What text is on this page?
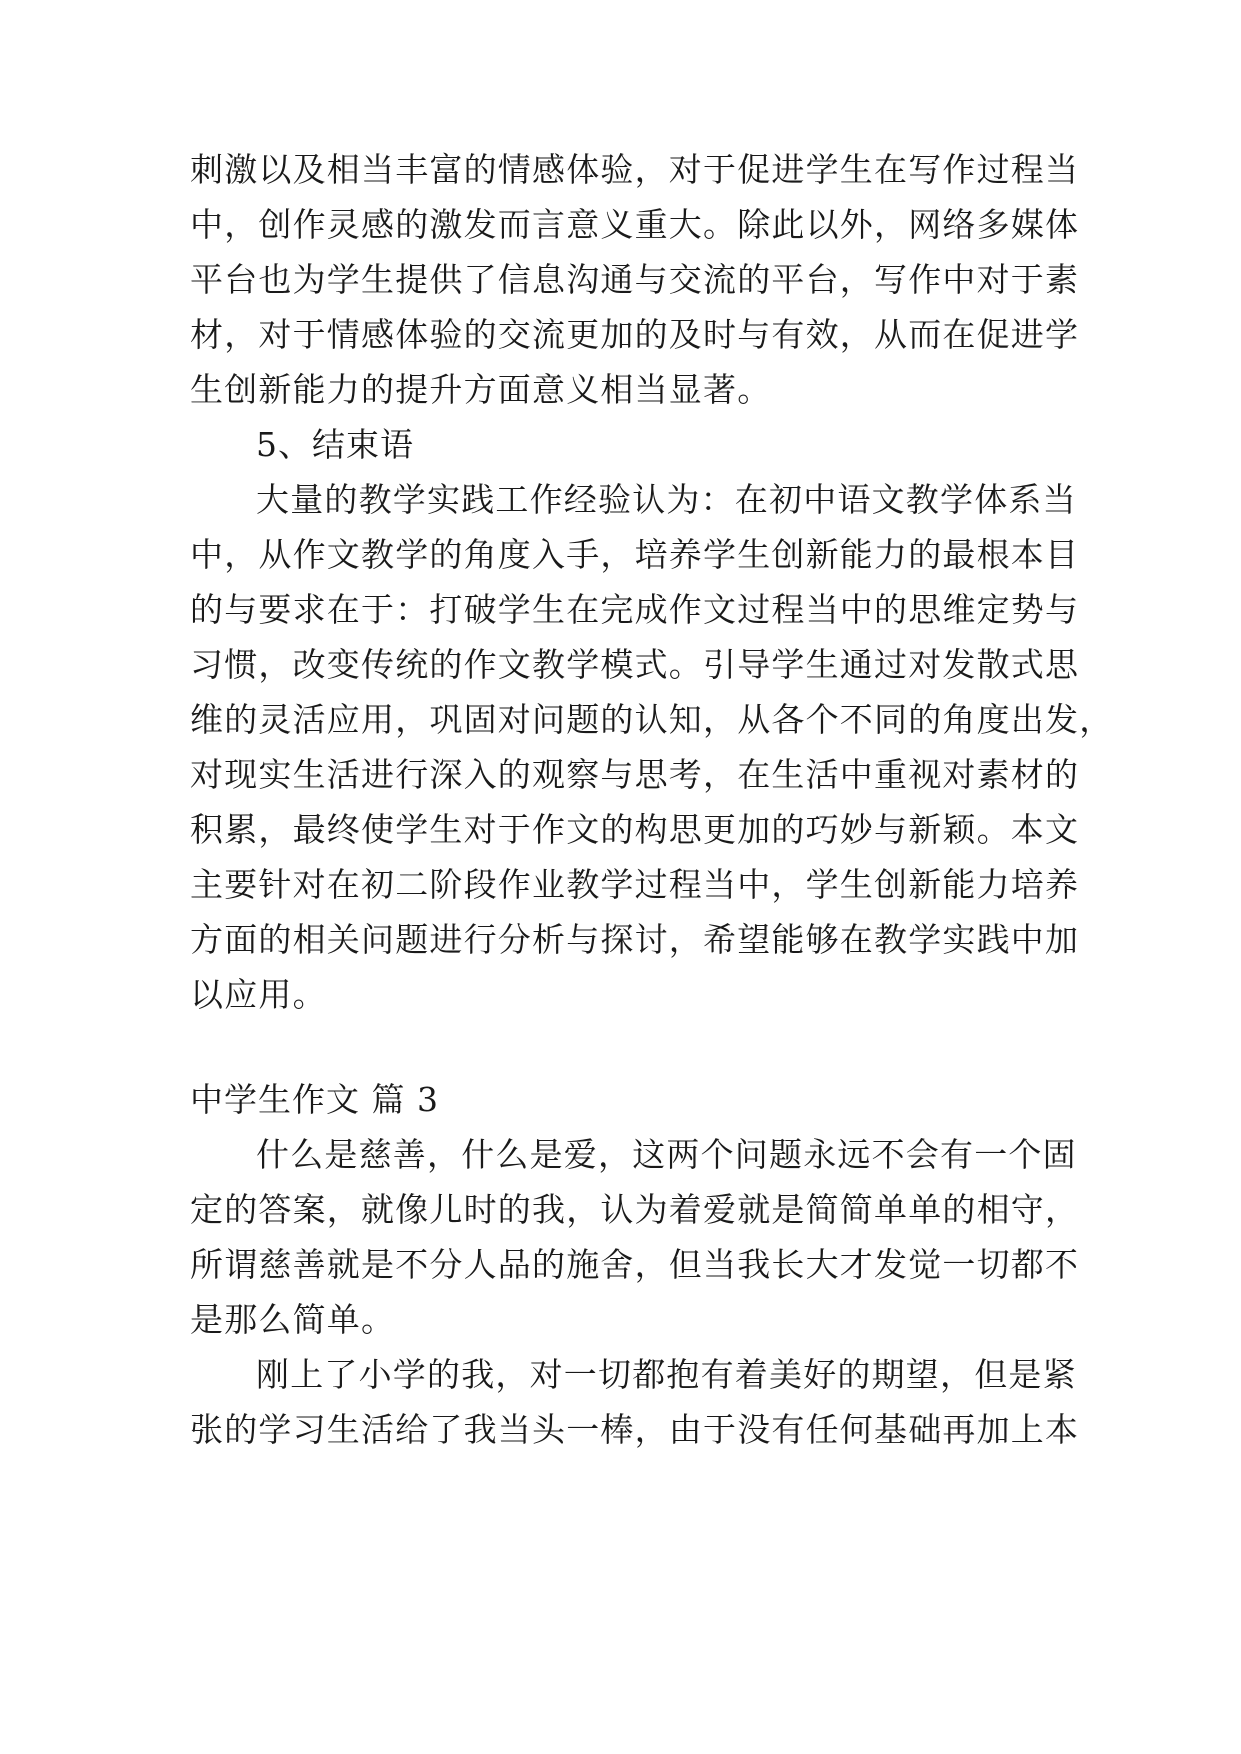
刺激以及相当丰富的情感体验，对于促进学生在写作过程当
中，创作灵感的激发而言意义重大。除此以外，网络多媒体
平台也为学生提供了信息沟通与交流的平台，写作中对于素
材，对于情感体验的交流更加的及时与有效，从而在促进学
生创新能力的提升方面意义相当显著。
5、结束语
大量的教学实践工作经验认为：在初中语文教学体系当
中，从作文教学的角度入手，培养学生创新能力的最根本目
的与要求在于：打破学生在完成作文过程当中的思维定势与
习惯，改变传统的作文教学模式。引导学生通过对发散式思
维的灵活应用，巩固对问题的认知，从各个不同的角度出发，
对现实生活进行深入的观察与思考，在生活中重视对素材的
积累，最终使学生对于作文的构思更加的巧妙与新颖。本文
主要针对在初二阶段作业教学过程当中，学生创新能力培养
方面的相关问题进行分析与探讨，希望能够在教学实践中加
以应用。
中学生作文 篇 3
什么是慈善，什么是爱，这两个问题永远不会有一个固
定的答案，就像儿时的我，认为着爱就是简简单单的相守，
所谓慈善就是不分人品的施舍，但当我长大才发觉一切都不
是那么简单。
刚上了小学的我，对一切都抱有着美好的期望，但是紧
张的学习生活给了我当头一棒，由于没有任何基础再加上本
